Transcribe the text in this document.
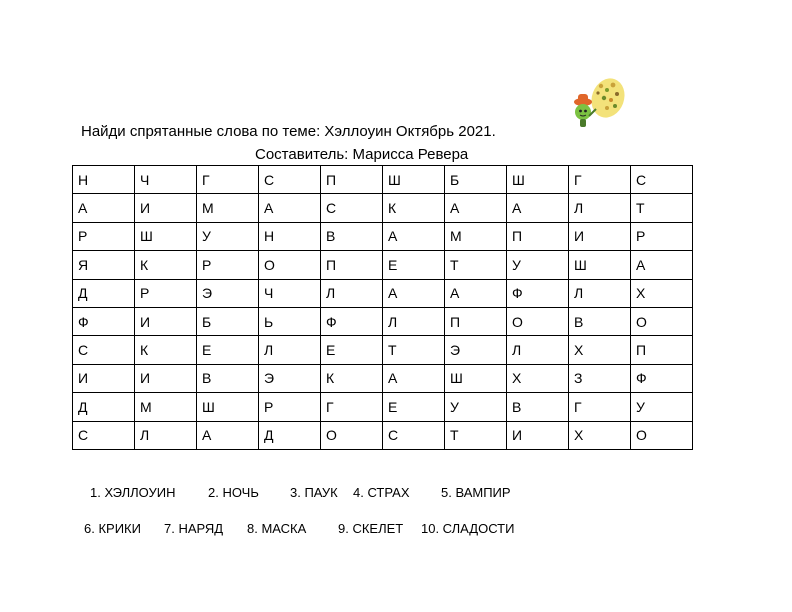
Найди спрятанные слова по теме: Хэллоуин Октябрь 2021.
Составитель: Марисса Ревера
Н	Ч	Г	С	П	Ш	Б	Ш	Г	С
А	И	М	А	С	К	А	А	Л	Т
Р	Ш	У	Н	В	А	М	П	И	Р
Я	К	Р	О	П	Е	Т	У	Ш	А
Д	Р	Э	Ч	Л	А	А	Ф	Л	Х
Ф	И	Б	Ь	Ф	Л	П	О	В	О
С	К	Е	Л	Е	Т	Э	Л	Х	П
И	И	В	Э	К	А	Ш	Х	З	Ф
Д	М	Ш	Р	Г	Е	У	В	Г	У
С	Л	А	Д	О	С	Т	И	Х	О
1. ХЭЛЛОУИН	2. НОЧЬ 3. ПАУК 4. СТРАХ 5. ВАМПИР
6. КРИКИ 7. НАРЯД 8. МАСКА 9. СКЕЛЕТ 10. СЛАДОСТИ
